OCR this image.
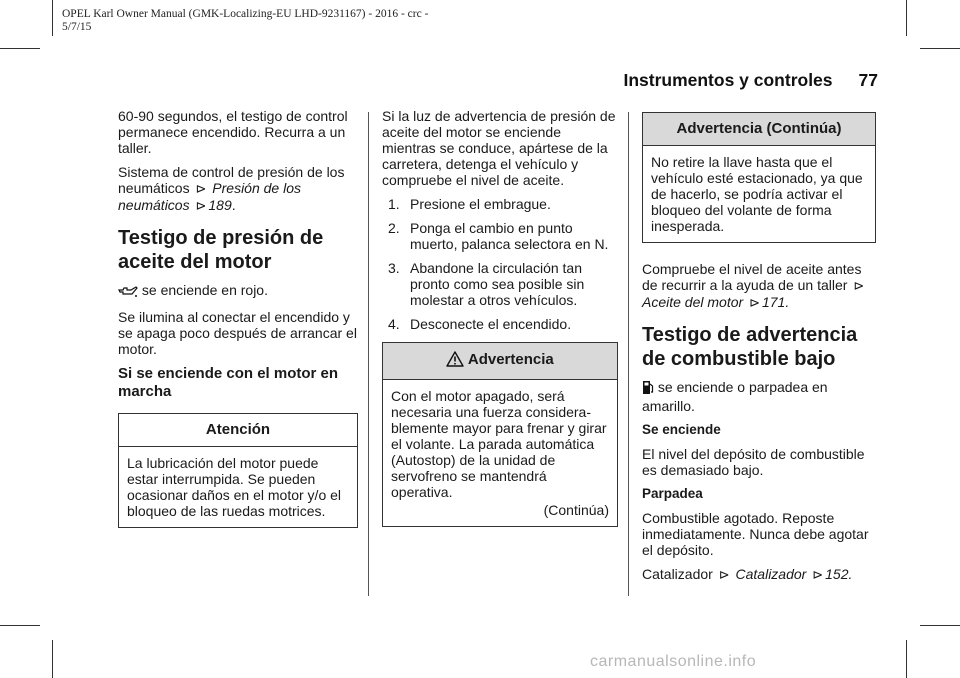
OPEL Karl Owner Manual (GMK-Localizing-EU LHD-9231167) - 2016 - crc -
5/7/15
Instrumentos y controles 77

60-90 segundos, el testigo de control permanece encendido. Recurra a un taller.

Sistema de control de presión de los neumáticos ⊳ Presión de los neumáticos ⊳ 189.

Testigo de presión de aceite del motor

se enciende en rojo.

Se ilumina al conectar el encendido y se apaga poco después de arrancar el motor.

Si se enciende con el motor en marcha
Atención
La lubricación del motor puede estar interrumpida. Se pueden ocasionar daños en el motor y/o el bloqueo de las ruedas motrices.

Si la luz de advertencia de presión de aceite del motor se enciende mientras se conduce, apártese de la carretera, detenga el vehículo y compruebe el nivel de aceite.

1. Presione el embrague.
2. Ponga el cambio en punto muerto, palanca selectora en N.
3. Abandone la circulación tan pronto como sea posible sin molestar a otros vehículos.
4. Desconecte el encendido.
Advertencia
Con el motor apagado, será necesaria una fuerza considera-blemente mayor para frenar y girar el volante. La parada automática (Autostop) de la unidad de servofreno se mantendrá operativa.
(Continúa)
Advertencia (Continúa)
No retire la llave hasta que el vehículo esté estacionado, ya que de hacerlo, se podría activar el bloqueo del volante de forma inesperada.

Compruebe el nivel de aceite antes de recurrir a la ayuda de un taller ⊳ Aceite del motor ⊳ 171.

Testigo de advertencia de combustible bajo

se enciende o parpadea en amarillo.

Se enciende

El nivel del depósito de combustible es demasiado bajo.

Parpadea

Combustible agotado. Reposte inmediatamente. Nunca debe agotar el depósito.

Catalizador ⊳ Catalizador ⊳ 152.

carmanualsonline.info
